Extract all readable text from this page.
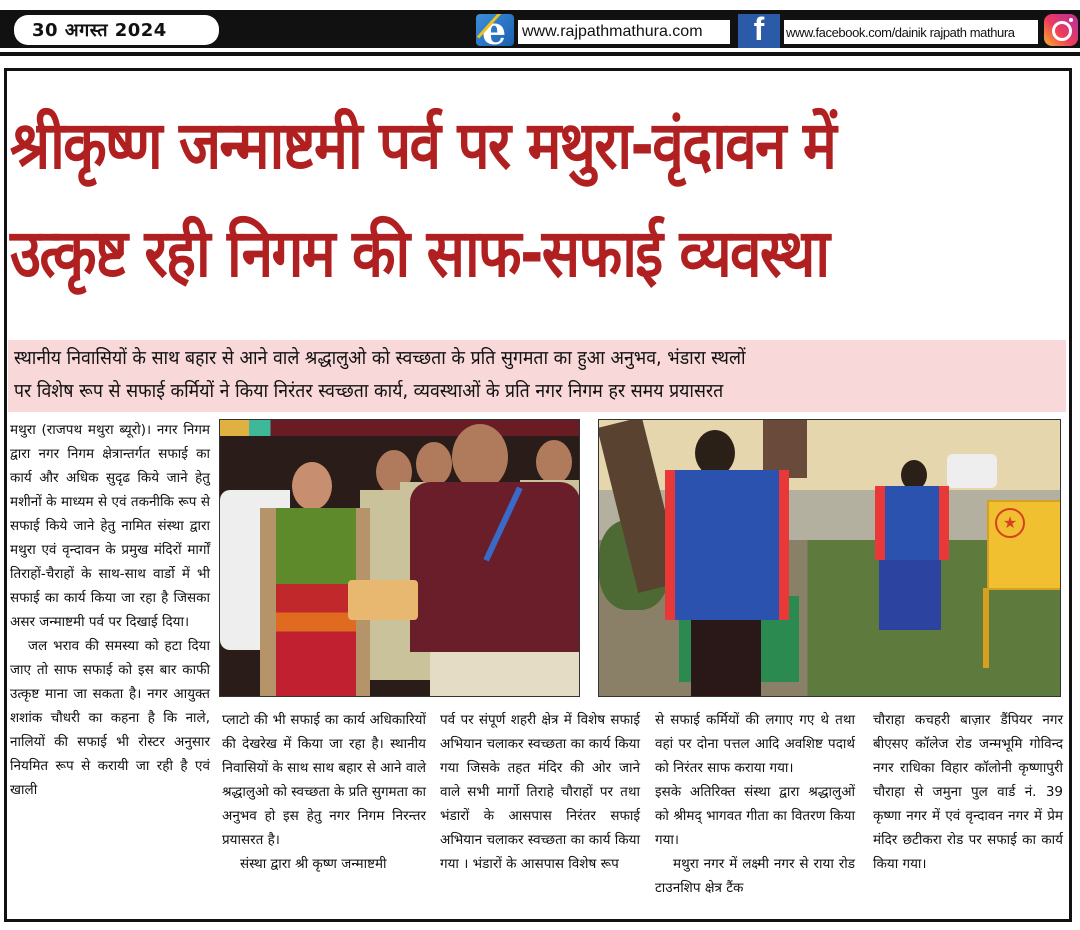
30 अगस्त 2024 e	www.rajpathmathura.com	f	www.facebook.com/dainik rajpath mathura
श्रीकृष्ण जन्माष्टमी पर्व पर मथुरा-वृंदावन में
उत्कृष्ट रही निगम की साफ-सफाई व्यवस्था
स्थानीय निवासियों के साथ बहार से आने वाले श्रद्धालुओ को स्वच्छता के प्रति सुगमता का हुआ अनुभव, भंडारा स्थलों
पर विशेष रूप से सफाई कर्मियों ने किया निरंतर स्वच्छता कार्य, व्यवस्थाओं के प्रति नगर निगम हर समय प्रयासरत

मथुरा (राजपथ मथुरा ब्यूरो)। नगर निगम द्वारा नगर निगम क्षेत्रान्तर्गत सफाई का कार्य और अधिक सुदृढ किये जाने हेतु मशीनों के माध्यम से एवं तकनीकि रूप से सफाई किये जाने हेतु नामित संस्था द्वारा मथुरा एवं वृन्दावन के प्रमुख मंदिरों मार्गों तिराहों-चैराहों के साथ-साथ वार्डो में भी सफाई का कार्य किया जा रहा है जिसका असर जन्माष्टमी पर्व पर दिखाई दिया।

जल भराव की समस्या को हटा दिया जाए तो साफ सफाई को इस बार काफी उत्कृष्ट माना जा सकता है। नगर आयुक्त शशांक चौधरी का कहना है कि नाले, नालियों की सफाई भी रोस्टर अनुसार नियमित रूप से करायी जा रही है एवं खाली

★

प्लाटो की भी सफाई का कार्य अधिकारियों की देखरेख में किया जा रहा है। स्थानीय निवासियों के साथ साथ बहार से आने वाले श्रद्धालुओ को स्वच्छता के प्रति सुगमता का अनुभव हो इस हेतु नगर निगम निरन्तर प्रयासरत है।

संस्था द्वारा श्री कृष्ण जन्माष्टमी

पर्व पर संपूर्ण शहरी क्षेत्र में विशेष सफाई अभियान चलाकर स्वच्छता का कार्य किया गया जिसके तहत मंदिर की ओर जाने वाले सभी मार्गो तिराहे चौराहों पर तथा भंडारों के आसपास निरंतर सफाई अभियान चलाकर स्वच्छता का कार्य किया गया । भंडारों के आसपास विशेष रूप

से सफाई कर्मियों की लगाए गए थे तथा वहां पर दोना पत्तल आदि अवशिष्ट पदार्थ को निरंतर साफ कराया गया।

इसके अतिरिक्त संस्था द्वारा श्रद्धालुओं को श्रीमद् भागवत गीता का वितरण किया गया।

मथुरा नगर में लक्ष्मी नगर से राया रोड टाउनशिप क्षेत्र टैंक

चौराहा कचहरी बाज़ार डैंपियर नगर बीएसए कॉलेज रोड जन्मभूमि गोविन्द नगर राधिका विहार कॉलोनी कृष्णापुरी चौराहा से जमुना पुल वार्ड नं. 39 कृष्णा नगर में एवं वृन्दावन नगर में प्रेम मंदिर छटीकरा रोड पर सफाई का कार्य किया गया।
